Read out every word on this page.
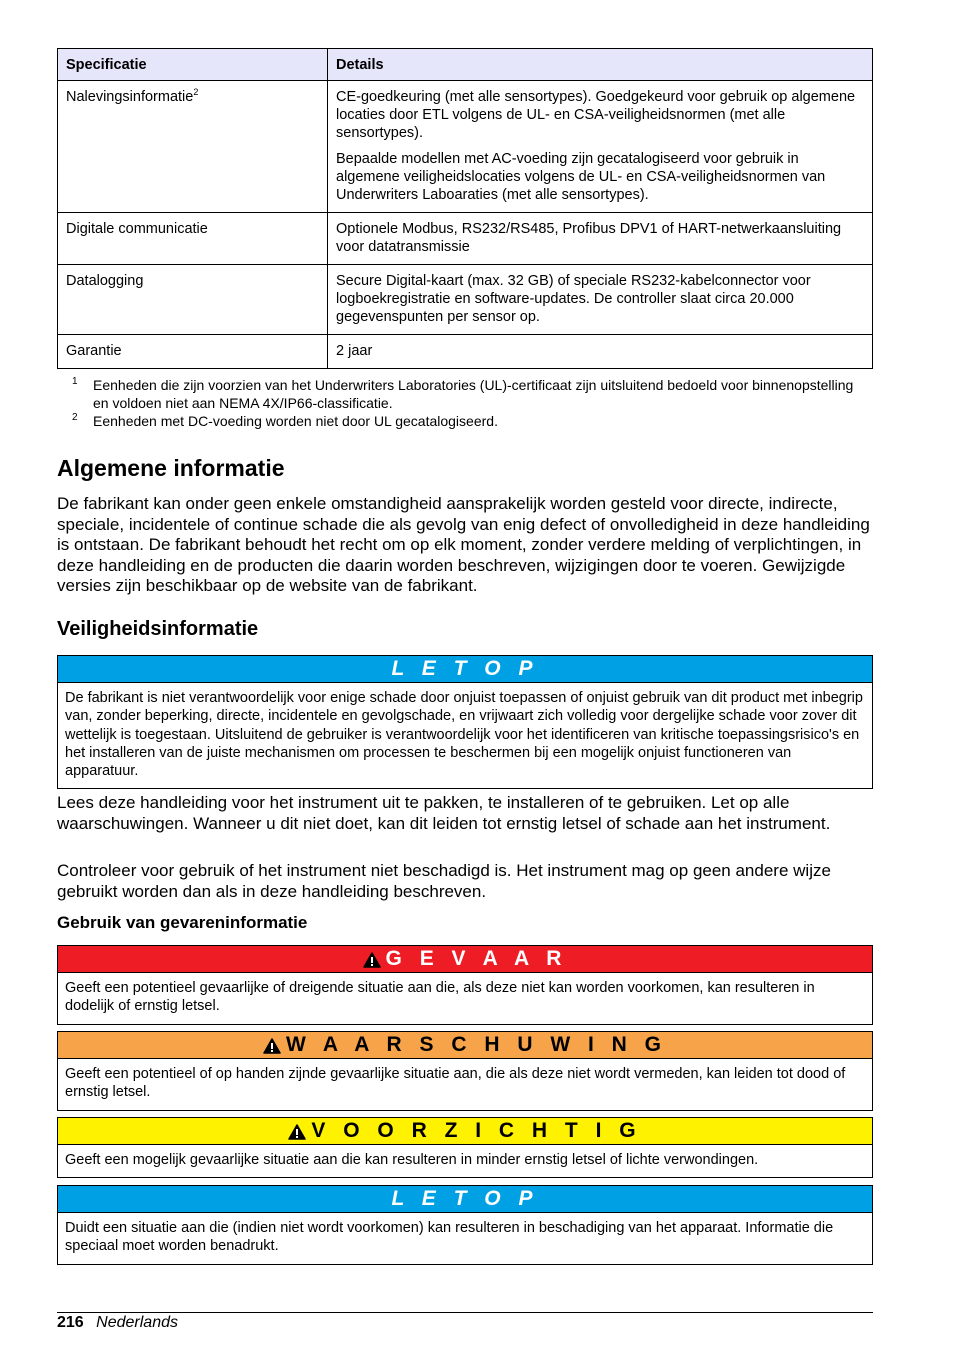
Specificatie	Details
Nalevingsinformatie$^2$	CE-goedkeuring (met alle sensortypes). Goedgekeurd voor gebruik op algemene locaties door ETL volgens de UL- en CSA-veiligheidsnormen (met alle sensortypes).

Bepaalde modellen met AC-voeding zijn gecatalogiseerd voor gebruik in algemene veiligheidslocaties volgens de UL- en CSA-veiligheidsnormen van Underwriters Laboaraties (met alle sensortypes).

Digitale communicatie	Optionele Modbus, RS232/RS485, Profibus DPV1 of HART-netwerkaansluiting voor datatransmissie

Datalogging	Secure Digital-kaart (max. 32 GB) of speciale RS232-kabelconnector voor logboekregistratie en software-updates. De controller slaat circa 20.000 gegevenspunten per sensor op.

Garantie	2 jaar

1	Eenheden die zijn voorzien van het Underwriters Laboratories (UL)-certificaat zijn uitsluitend bedoeld voor binnenopstelling en voldoen niet aan NEMA 4X/IP66-classificatie.
2	Eenheden met DC-voeding worden niet door UL gecatalogiseerd.
Algemene informatie

De fabrikant kan onder geen enkele omstandigheid aansprakelijk worden gesteld voor directe, indirecte, speciale, incidentele of continue schade die als gevolg van enig defect of onvolledigheid in deze handleiding is ontstaan. De fabrikant behoudt het recht om op elk moment, zonder verdere melding of verplichtingen, in deze handleiding en de producten die daarin worden beschreven, wijzigingen door te voeren. Gewijzigde versies zijn beschikbaar op de website van de fabrikant.

Veiligheidsinformatie
L E T O P
De fabrikant is niet verantwoordelijk voor enige schade door onjuist toepassen of onjuist gebruik van dit product met inbegrip van, zonder beperking, directe, incidentele en gevolgschade, en vrijwaart zich volledig voor dergelijke schade voor zover dit wettelijk is toegestaan. Uitsluitend de gebruiker is verantwoordelijk voor het identificeren van kritische toepassingsrisico's en het installeren van de juiste mechanismen om processen te beschermen bij een mogelijk onjuist functioneren van apparatuur.

Lees deze handleiding voor het instrument uit te pakken, te installeren of te gebruiken. Let op alle waarschuwingen. Wanneer u dit niet doet, kan dit leiden tot ernstig letsel of schade aan het instrument.

Controleer voor gebruik of het instrument niet beschadigd is. Het instrument mag op geen andere wijze gebruikt worden dan als in deze handleiding beschreven.

Gebruik van gevareninformatie
G E V A A R
Geeft een potentieel gevaarlijke of dreigende situatie aan die, als deze niet kan worden voorkomen, kan resulteren in dodelijk of ernstig letsel.
W A A R S C H U W I N G
Geeft een potentieel of op handen zijnde gevaarlijke situatie aan, die als deze niet wordt vermeden, kan leiden tot dood of ernstig letsel.
V O O R Z I C H T I G
Geeft een mogelijk gevaarlijke situatie aan die kan resulteren in minder ernstig letsel of lichte verwondingen.
L E T O P
Duidt een situatie aan die (indien niet wordt voorkomen) kan resulteren in beschadiging van het apparaat. Informatie die speciaal moet worden benadrukt.
216 Nederlands
